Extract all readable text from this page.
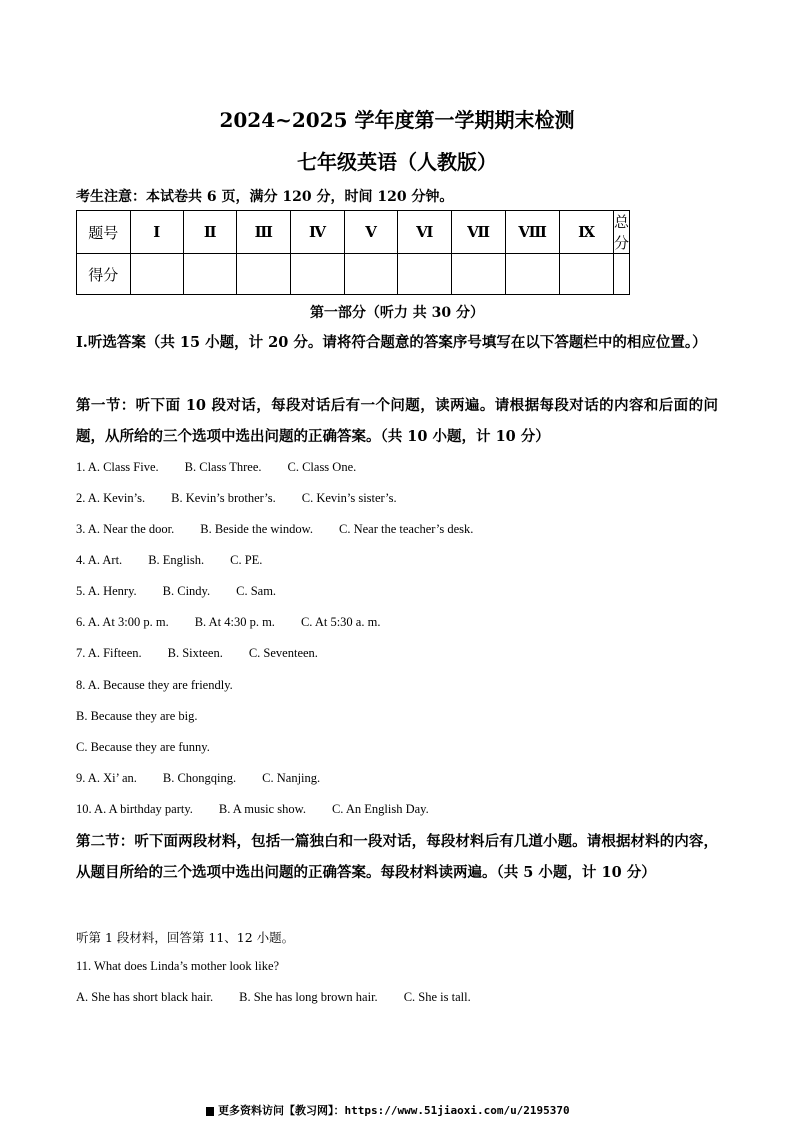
2024~2025 学年度第一学期期末检测
七年级英语（人教版）
考生注意：本试卷共 6 页，满分 120 分，时间 120 分钟。
题号	Ⅰ	Ⅱ	Ⅲ	Ⅳ	Ⅴ	Ⅵ	Ⅶ	Ⅷ	Ⅸ	总分
得分										
第一部分（听力 共 30 分）
Ⅰ.听选答案（共 15 小题，计 20 分。请将符合题意的答案序号填写在以下答题栏中的相应位置。）
第一节：听下面 10 段对话，每段对话后有一个问题，读两遍。请根据每段对话的内容和后面的问题，从所给的三个选项中选出问题的正确答案。（共 10 小题，计 10 分）
1. A. Class Five. B. Class Three. C. Class One.
2. A. Kevin’s. B. Kevin’s brother’s. C. Kevin’s sister’s.
3. A. Near the door. B. Beside the window. C. Near the teacher’s desk.
4. A. Art. B. English. C. PE.
5. A. Henry. B. Cindy. C. Sam.
6. A. At 3:00 p. m. B. At 4:30 p. m. C. At 5:30 a. m.
7. A. Fifteen. B. Sixteen. C. Seventeen.
8. A. Because they are friendly.
B. Because they are big.
C. Because they are funny.
9. A. Xi’ an. B. Chongqing. C. Nanjing.
10. A. A birthday party. B. A music show. C. An English Day.
第二节：听下面两段材料，包括一篇独白和一段对话，每段材料后有几道小题。请根据材料的内容，从题目所给的三个选项中选出问题的正确答案。每段材料读两遍。（共 5 小题，计 10 分）
听第 1 段材料，回答第 11、12 小题。
11. What does Linda’s mother look like?
A. She has short black hair. B. She has long brown hair. C. She is tall.
更多资料访问【教习网】：https://www.51jiaoxi.com/u/2195370
